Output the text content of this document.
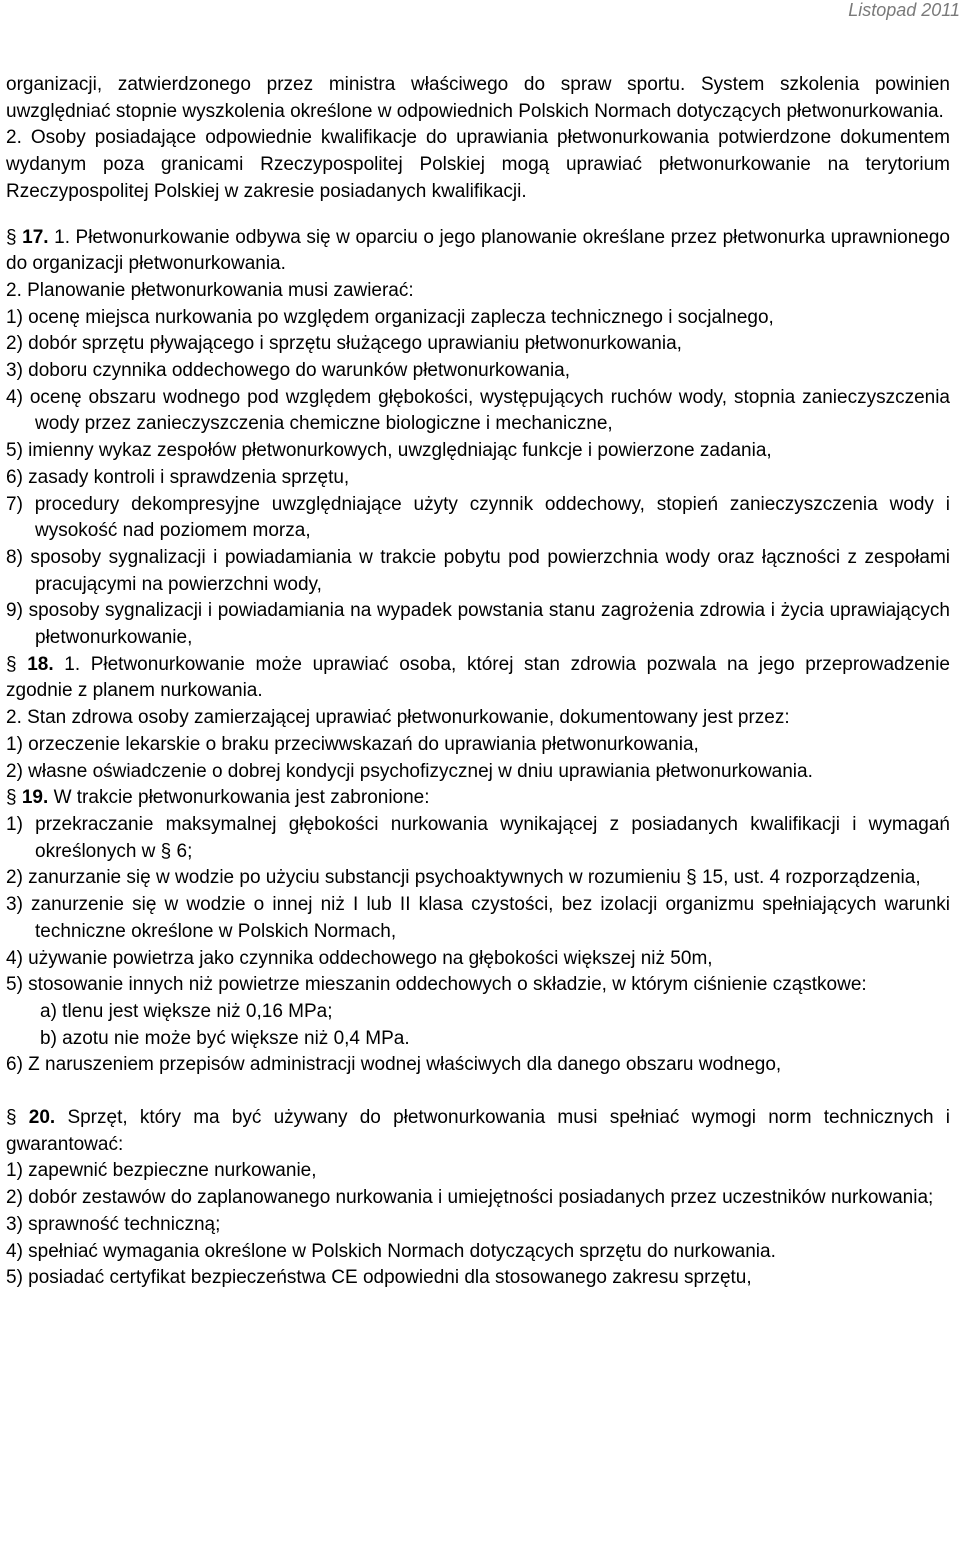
Listopad 2011

organizacji, zatwierdzonego przez ministra właściwego do spraw sportu. System szkolenia powinien uwzględniać stopnie wyszkolenia określone w odpowiednich Polskich Normach dotyczących płetwonurkowania.

2. Osoby posiadające odpowiednie kwalifikacje do uprawiania płetwonurkowania potwierdzone dokumentem wydanym poza granicami Rzeczypospolitej Polskiej mogą uprawiać płetwonurkowanie na terytorium Rzeczypospolitej Polskiej w zakresie posiadanych kwalifikacji.

§ 17. 1. Płetwonurkowanie odbywa się w oparciu o jego planowanie określane przez płetwonurka uprawnionego do organizacji płetwonurkowania.

2. Planowanie płetwonurkowania musi zawierać:

1) ocenę miejsca nurkowania po względem organizacji zaplecza technicznego i socjalnego,

2) dobór sprzętu pływającego i sprzętu służącego uprawianiu płetwonurkowania,

3) doboru czynnika oddechowego do warunków płetwonurkowania,

4) ocenę obszaru wodnego pod względem głębokości, występujących ruchów wody, stopnia zanieczyszczenia wody przez zanieczyszczenia chemiczne biologiczne i mechaniczne,

5) imienny wykaz zespołów płetwonurkowych, uwzględniając funkcje i powierzone zadania,

6) zasady kontroli i sprawdzenia sprzętu,

7) procedury dekompresyjne uwzględniające użyty czynnik oddechowy, stopień zanieczyszczenia wody i wysokość nad poziomem morza,

8) sposoby sygnalizacji i powiadamiania w trakcie pobytu pod powierzchnia wody oraz łączności z zespołami pracującymi na powierzchni wody,

9) sposoby sygnalizacji i powiadamiania na wypadek powstania stanu zagrożenia zdrowia i życia uprawiających płetwonurkowanie,

§ 18. 1. Płetwonurkowanie może uprawiać osoba, której stan zdrowia pozwala na jego przeprowadzenie zgodnie z planem nurkowania.

2. Stan zdrowa osoby zamierzającej uprawiać płetwonurkowanie, dokumentowany jest przez:

1) orzeczenie lekarskie o braku przeciwwskazań do uprawiania płetwonurkowania,

2) własne oświadczenie o dobrej kondycji psychofizycznej w dniu uprawiania płetwonurkowania.

§ 19. W trakcie płetwonurkowania jest zabronione:

1) przekraczanie maksymalnej głębokości nurkowania wynikającej z posiadanych kwalifikacji i wymagań określonych w § 6;

2) zanurzanie się w wodzie po użyciu substancji psychoaktywnych w rozumieniu § 15, ust. 4 rozporządzenia,

3) zanurzenie się w wodzie o innej niż I lub II klasa czystości, bez izolacji organizmu spełniających warunki techniczne określone w Polskich Normach,

4) używanie powietrza jako czynnika oddechowego na głębokości większej niż 50m,

5) stosowanie innych niż powietrze mieszanin oddechowych o składzie, w którym ciśnienie cząstkowe:

a) tlenu jest większe niż 0,16 MPa;

b) azotu nie może być większe niż 0,4 MPa.

6) Z naruszeniem przepisów administracji wodnej właściwych dla danego obszaru wodnego,

§ 20. Sprzęt, który ma być używany do płetwonurkowania musi spełniać wymogi norm technicznych i gwarantować:

1) zapewnić bezpieczne nurkowanie,

2) dobór zestawów do zaplanowanego nurkowania i umiejętności posiadanych przez uczestników nurkowania;

3) sprawność techniczną;

4) spełniać wymagania określone w Polskich Normach dotyczących sprzętu do nurkowania.

5) posiadać certyfikat bezpieczeństwa CE odpowiedni dla stosowanego zakresu sprzętu,
